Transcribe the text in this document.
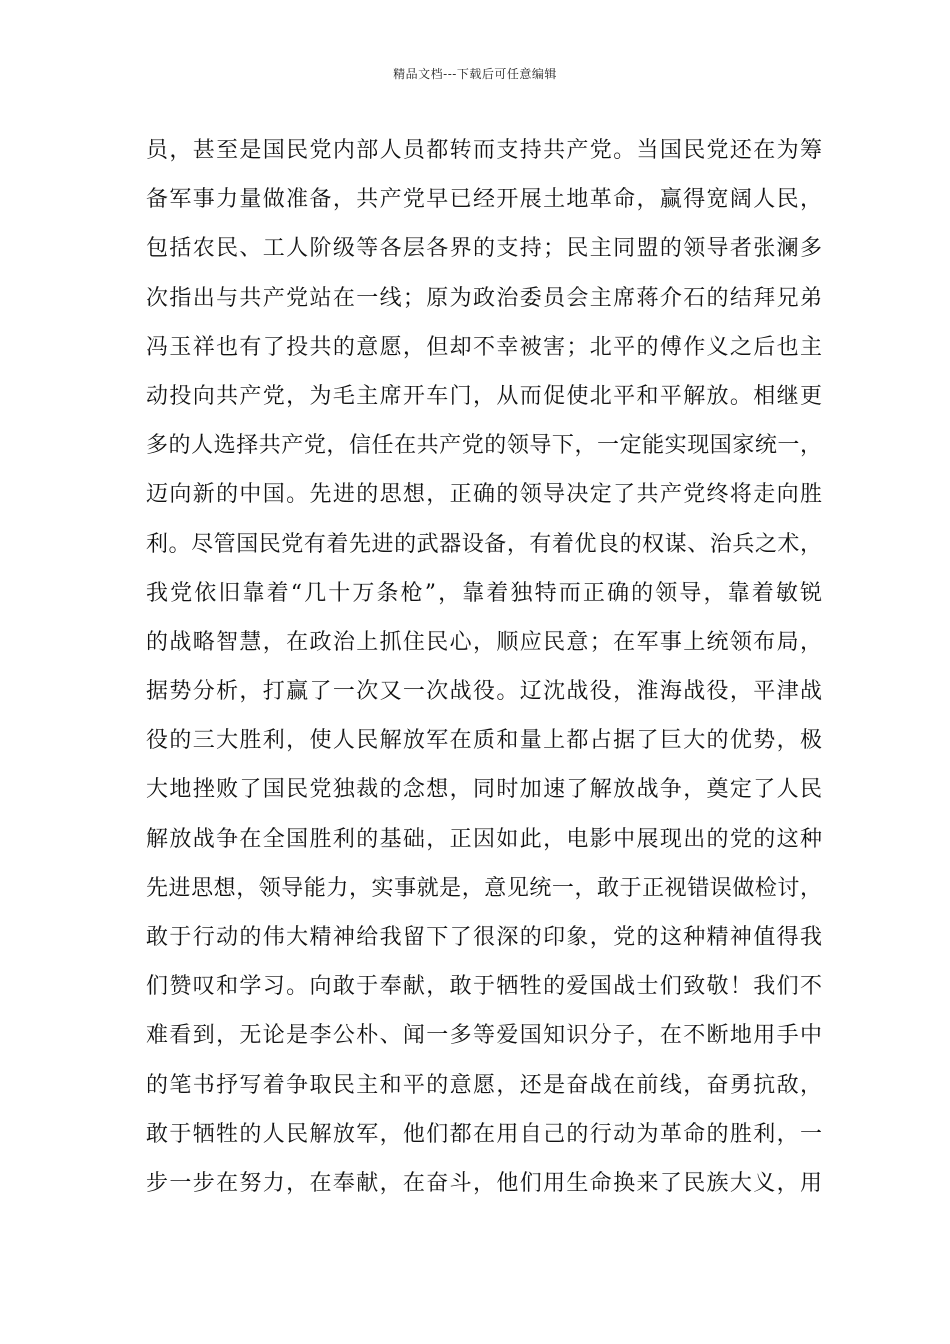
精品文档---下载后可任意编辑
员，甚至是国民党内部人员都转而支持共产党。当国民党还在为筹
备军事力量做准备，共产党早已经开展土地革命，赢得宽阔人民，
包括农民、工人阶级等各层各界的支持；民主同盟的领导者张澜多
次指出与共产党站在一线；原为政治委员会主席蒋介石的结拜兄弟
冯玉祥也有了投共的意愿，但却不幸被害；北平的傅作义之后也主
动投向共产党，为毛主席开车门，从而促使北平和平解放。相继更
多的人选择共产党，信任在共产党的领导下，一定能实现国家统一，
迈向新的中国。先进的思想，正确的领导决定了共产党终将走向胜
利。尽管国民党有着先进的武器设备，有着优良的权谋、治兵之术，
我党依旧靠着“几十万条枪”，靠着独特而正确的领导，靠着敏锐
的战略智慧，在政治上抓住民心，顺应民意；在军事上统领布局，
据势分析，打赢了一次又一次战役。辽沈战役，淮海战役，平津战
役的三大胜利，使人民解放军在质和量上都占据了巨大的优势，极
大地挫败了国民党独裁的念想，同时加速了解放战争，奠定了人民
解放战争在全国胜利的基础，正因如此，电影中展现出的党的这种
先进思想，领导能力，实事就是，意见统一，敢于正视错误做检讨，
敢于行动的伟大精神给我留下了很深的印象，党的这种精神值得我
们赞叹和学习。向敢于奉献，敢于牺牲的爱国战士们致敬！我们不
难看到，无论是李公朴、闻一多等爱国知识分子，在不断地用手中
的笔书抒写着争取民主和平的意愿，还是奋战在前线，奋勇抗敌，
敢于牺牲的人民解放军，他们都在用自己的行动为革命的胜利，一
步一步在努力，在奉献，在奋斗，他们用生命换来了民族大义，用
